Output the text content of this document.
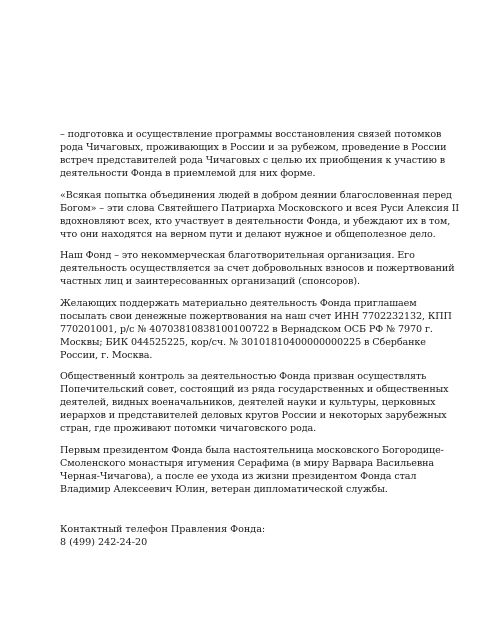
– подготовка и осуществление программы восстановления связей потомков
рода Чичаговых, проживающих в России и за рубежом, проведение в России
встреч представителей рода Чичаговых с целью их приобщения к участию в
деятельности Фонда в приемлемой для них форме.

«Всякая попытка объединения людей в добром деянии благословенная перед
Богом» – эти слова Святейшего Патриарха Московского и всея Руси Алексия II
вдохновляют всех, кто участвует в деятельности Фонда, и убеждают их в том,
что они находятся на верном пути и делают нужное и общеполезное дело.

Наш Фонд – это некоммерческая благотворительная организация. Его
деятельность осуществляется за счет добровольных взносов и пожертвований
частных лиц и заинтересованных организаций (спонсоров).

Желающих поддержать материально деятельность Фонда приглашаем
посылать свои денежные пожертвования на наш счет ИНН 7702232132, КПП
770201001, р/с № 40703810838100100722 в Вернадском ОСБ РФ № 7970 г.
Москвы; БИК 044525225, кор/сч. № 30101810400000000225 в Сбербанке
России, г. Москва.

Общественный контроль за деятельностью Фонда призван осуществлять
Попечительский совет, состоящий из ряда государственных и общественных
деятелей, видных военачальников, деятелей науки и культуры, церковных
иерархов и представителей деловых кругов России и некоторых зарубежных
стран, где проживают потомки чичаговского рода.

Первым президентом Фонда была настоятельница московского Богородице-
Смоленского монастыря игумения Серафима (в миру Варвара Васильевна
Черная-Чичагова), а после ее ухода из жизни президентом Фонда стал
Владимир Алексеевич Юлин, ветеран дипломатической службы.

Контактный телефон Правления Фонда:
8 (499) 242-24-20
